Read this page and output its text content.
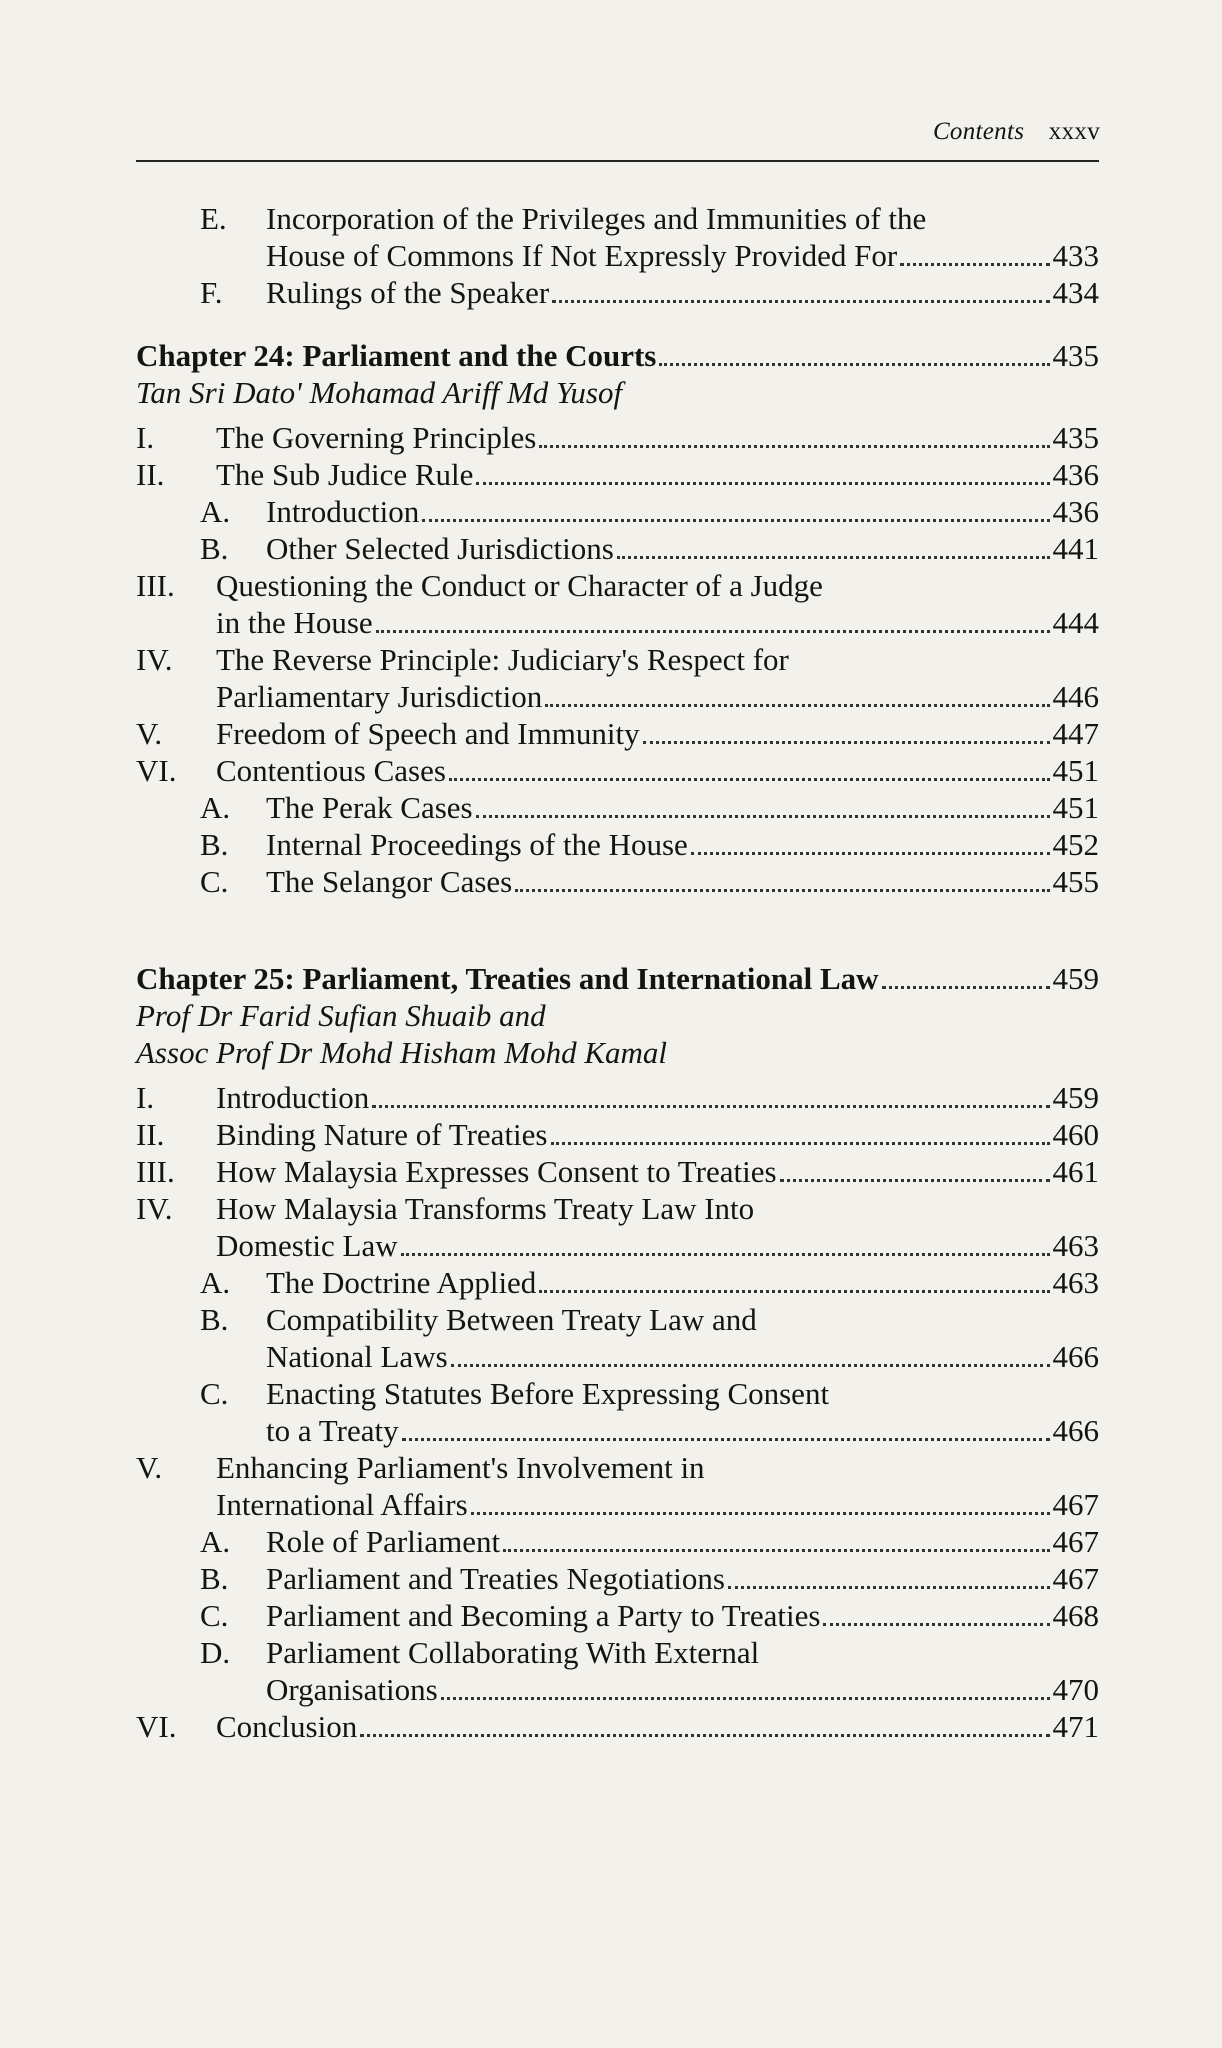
Contents xxxv
E.	Incorporation of the Privileges and Immunities of the
House of Commons If Not Expressly Provided For	433
F.	Rulings of the Speaker	434
Chapter 24: Parliament and the Courts	435
Tan Sri Dato' Mohamad Ariff Md Yusof
I.	The Governing Principles	435
II.	The Sub Judice Rule	436
A.	Introduction	436
B.	Other Selected Jurisdictions	441
III.	Questioning the Conduct or Character of a Judge
in the House	444
IV.	The Reverse Principle: Judiciary's Respect for
Parliamentary Jurisdiction	446
V.	Freedom of Speech and Immunity	447
VI.	Contentious Cases	451
A.	The Perak Cases	451
B.	Internal Proceedings of the House	452
C.	The Selangor Cases	455
Chapter 25: Parliament, Treaties and International Law	459
Prof Dr Farid Sufian Shuaib and
Assoc Prof Dr Mohd Hisham Mohd Kamal
I.	Introduction	459
II.	Binding Nature of Treaties	460
III.	How Malaysia Expresses Consent to Treaties	461
IV.	How Malaysia Transforms Treaty Law Into
Domestic Law	463
A.	The Doctrine Applied	463
B.	Compatibility Between Treaty Law and
National Laws	466
C.	Enacting Statutes Before Expressing Consent
to a Treaty	466
V.	Enhancing Parliament's Involvement in
International Affairs	467
A.	Role of Parliament	467
B.	Parliament and Treaties Negotiations	467
C.	Parliament and Becoming a Party to Treaties	468
D.	Parliament Collaborating With External
Organisations	470
VI.	Conclusion	471
